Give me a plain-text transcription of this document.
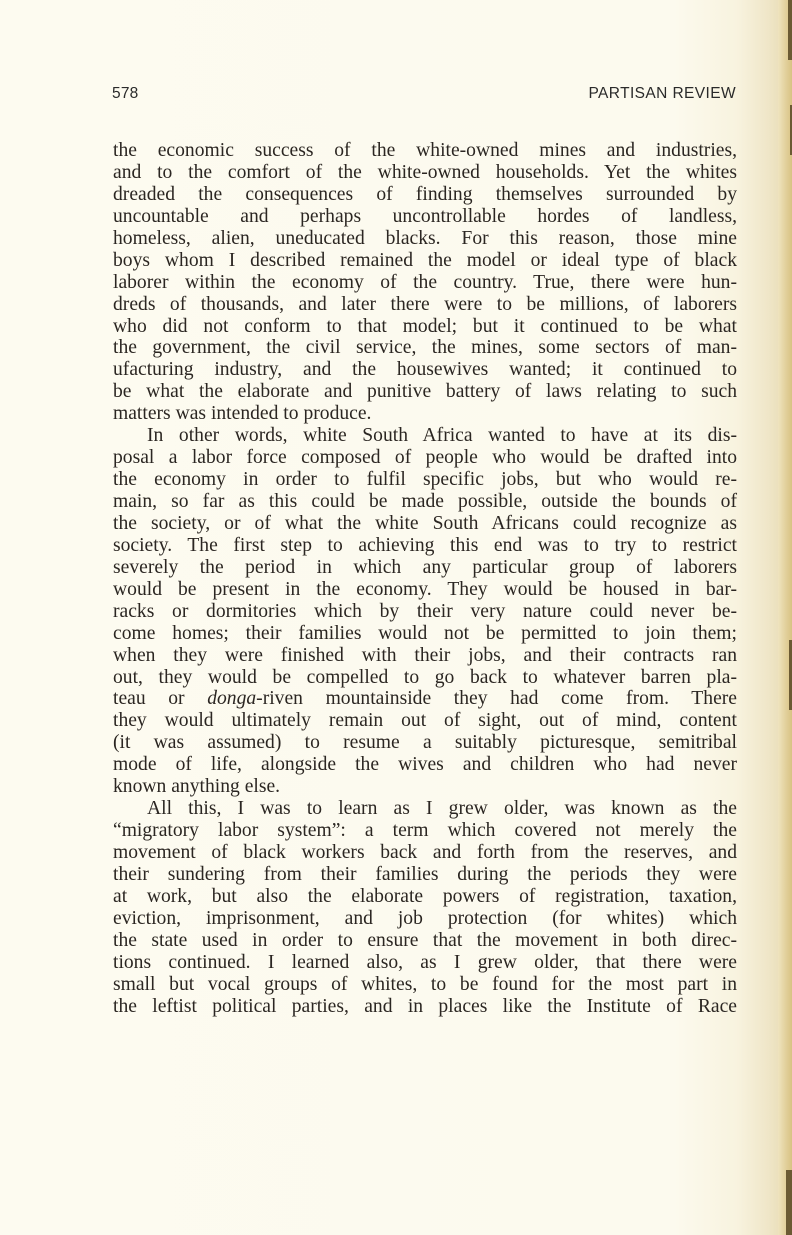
578	PARTISAN REVIEW
the economic success of the white-owned mines and industries,
and to the comfort of the white-owned households. Yet the whites
dreaded the consequences of finding themselves surrounded by
uncountable and perhaps uncontrollable hordes of landless,
homeless, alien, uneducated blacks. For this reason, those mine
boys whom I described remained the model or ideal type of black
laborer within the economy of the country. True, there were hun-
dreds of thousands, and later there were to be millions, of laborers
who did not conform to that model; but it continued to be what
the government, the civil service, the mines, some sectors of man-
ufacturing industry, and the housewives wanted; it continued to
be what the elaborate and punitive battery of laws relating to such
matters was intended to produce.
In other words, white South Africa wanted to have at its dis-
posal a labor force composed of people who would be drafted into
the economy in order to fulfil specific jobs, but who would re-
main, so far as this could be made possible, outside the bounds of
the society, or of what the white South Africans could recognize as
society. The first step to achieving this end was to try to restrict
severely the period in which any particular group of laborers
would be present in the economy. They would be housed in bar-
racks or dormitories which by their very nature could never be-
come homes; their families would not be permitted to join them;
when they were finished with their jobs, and their contracts ran
out, they would be compelled to go back to whatever barren pla-
teau or donga-riven mountainside they had come from. There
they would ultimately remain out of sight, out of mind, content
(it was assumed) to resume a suitably picturesque, semitribal
mode of life, alongside the wives and children who had never
known anything else.
All this, I was to learn as I grew older, was known as the
“migratory labor system”: a term which covered not merely the
movement of black workers back and forth from the reserves, and
their sundering from their families during the periods they were
at work, but also the elaborate powers of registration, taxation,
eviction, imprisonment, and job protection (for whites) which
the state used in order to ensure that the movement in both direc-
tions continued. I learned also, as I grew older, that there were
small but vocal groups of whites, to be found for the most part in
the leftist political parties, and in places like the Institute of Race
